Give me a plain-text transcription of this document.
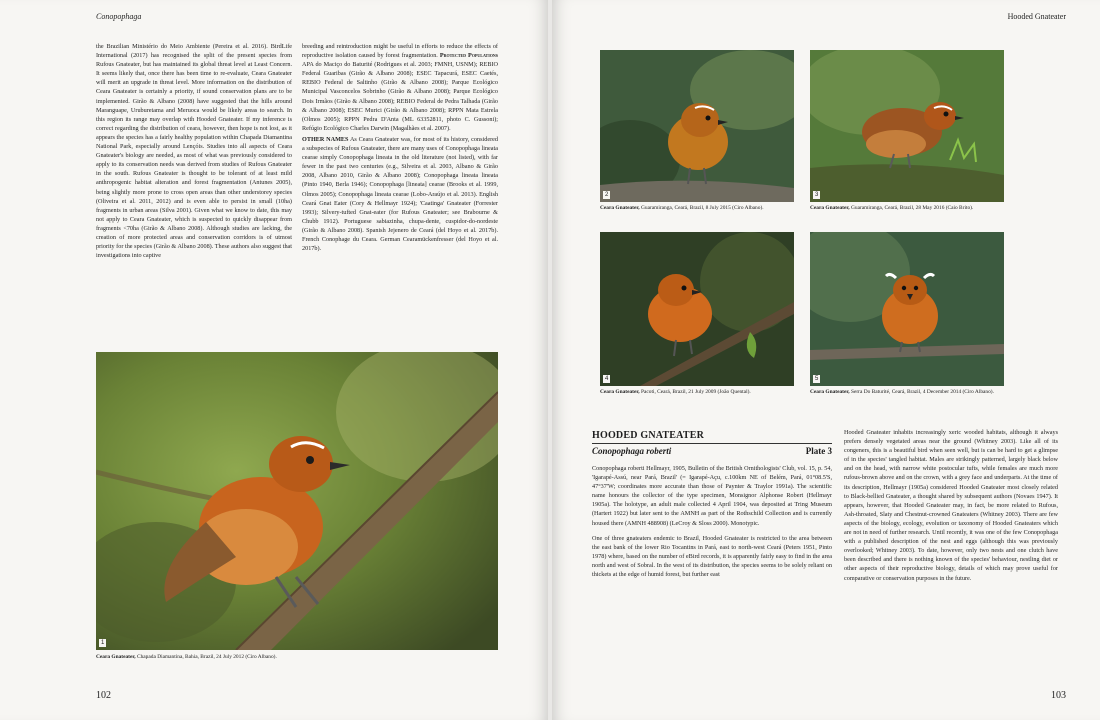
Conopophaga

the Brazilian Ministério do Meio Ambiente (Pereira et al. 2016). BirdLife International (2017) has recognised the split of the present species from Rufous Gnateater, but has maintained its global threat level at Least Concern. It seems likely that, once there has been time to re-evaluate, Ceara Gnateater will merit an upgrade in threat level. More information on the distribution of Ceara Gnateater is certainly a priority, if sound conservation plans are to be implemented. Girão & Albano (2008) have suggested that the hills around Maranguape, Uruburetama and Meruoca would be likely areas to search. In this region its range may overlap with Hooded Gnateater. If my inference is correct regarding the distribution of ceara, however, then hope is not lost, as it appears the species has a fairly healthy population within Chapada Diamantina National Park, especially around Lençóis. Studies into all aspects of Ceara Gnateater's biology are needed, as most of what was previously considered to apply to its conservation needs was derived from studies of Rufous Gnateater in the south. Rufous Gnateater is thought to be tolerant of at least mild anthropogenic habitat alteration and forest fragmentation (Antunes 2005), being slightly more prone to cross open areas than other understorey species (Oliveira et al. 2011, 2012) and is even able to persist in small (10ha) fragments in urban areas (Silva 2001). Given what we know to date, this may not apply to Ceara Gnateater, which is suspected to quickly disappear from fragments <70ha (Girão & Albano 2008). Although studies are lacking, the creation of more protected areas and conservation corridors is of utmost priority for the species (Girão & Albano 2008). These authors also suggest that investigations into captive

breeding and reintroduction might be useful in efforts to reduce the effects of reproductive isolation caused by forest fragmentation. Protected Populations APA do Maciço do Baturité (Rodrigues et al. 2003; FMNH, USNM); REBIO Federal Guaribas (Girão & Albano 2008); ESEC Tapacurá, ESEC Caetés, REBIO Federal de Saltinho (Girão & Albano 2008); Parque Ecológico Municipal Vasconcelos Sobrinho (Girão & Albano 2008); Parque Ecológico Dois Irmãos (Girão & Albano 2008); REBIO Federal de Pedra Talhada (Girão & Albano 2008); ESEC Murici (Girão & Albano 2008); RPPN Mata Estrela (Olmos 2005); RPPN Pedra D'Anta (ML 63352811, photo C. Gussoni); Refúgio Ecológico Charles Darwin (Magalhães et al. 2007).

OTHER NAMES As Ceara Gnateater was, for most of its history, considered a subspecies of Rufous Gnateater, there are many uses of Conopophaga lineata cearae simply Conopophaga lineata in the old literature (not listed), with far fewer in the past two centuries (e.g., Silveira et al. 2003, Albano & Girão 2008, Albano 2010, Girão & Albano 2008); Conopophaga lineata lineata (Pinto 1940, Berla 1946); Conopophaga [lineata] cearae (Brooks et al. 1999, Olmos 2005); Conopophaga lineata cearae (Lobo-Araújo et al. 2013). English Ceará Gnat Eater (Cory & Hellmayr 1924); 'Caatinga' Gnateater (Forrester 1993); Silvery-tufted Gnat-eater (for Rufous Gnateater; see Brabourne & Chubb 1912). Portuguese sabiazinha, chupa-dente, cuspidor-do-nordeste (Girão & Albano 2008). Spanish Jejenero de Ceará (del Hoyo et al. 2017b). French Conophage du Ceara. German Cearamückenfresser (del Hoyo et al. 2017b).

1
Ceara Gnateater, Chapada Diamantina, Bahia, Brazil, 24 July 2012 (Ciro Albano).
102
Hooded Gnateater
2
Ceara Gnateater, Guaramiranga, Ceará, Brazil, 8 July 2015 (Ciro Albano).
3
Ceara Gnateater, Guaramiranga, Ceará, Brazil, 28 May 2016 (Caio Brito).
4
Ceara Gnateater, Pacoti, Ceará, Brazil, 21 July 2009 (João Quental).
5
Ceara Gnateater, Serra Do Baturité, Ceará, Brazil, 4 December 2014 (Ciro Albano).
HOODED GNATEATER
Conopophaga roberti	Plate 3

Conopophaga roberti Hellmayr, 1905, Bulletin of the British Ornithologists' Club, vol. 15, p. 54, 'Igarapé-Assú, near Pará, Brazil' (= Igarapé-Açu, c.100km NE of Belém, Pará, 01°08.5'S, 47°37'W; coordinates more accurate than those of Paynter & Traylor 1991a). The scientific name honours the collector of the type specimen, Monsignor Alphonse Robert (Hellmayr 1905a). The holotype, an adult male collected 4 April 1904, was deposited at Tring Museum (Hartert 1922) but later sent to the AMNH as part of the Rothschild Collection and is currently housed there (AMNH 488908) (LeCroy & Sloss 2000). Monotypic.

One of three gnateaters endemic to Brazil, Hooded Gnateater is restricted to the area between the east bank of the lower Rio Tocantins in Pará, east to north-west Ceará (Peters 1951, Pinto 1978) where, based on the number of eBird records, it is apparently fairly easy to find in the area north and west of Sobral. In the west of its distribution, the species seems to be solely reliant on thickets at the edge of humid forest, but further east

Hooded Gnateater inhabits increasingly xeric wooded habitats, although it always prefers densely vegetated areas near the ground (Whitney 2003). Like all of its congeners, this is a beautiful bird when seen well, but is can be hard to get a glimpse of in the species' tangled habitat. Males are strikingly patterned, largely black below and on the head, with narrow white postocular tufts, while females are much more rufous-brown above and on the crown, with a grey face and underparts. At the time of its description, Hellmayr (1905a) considered Hooded Gnateater most closely related to Black-bellied Gnateater, a thought shared by subsequent authors (Novaes 1947). It appears, however, that Hooded Gnateater may, in fact, be more related to Rufous, Ash-throated, Slaty and Chestnut-crowned Gnateaters (Whitney 2003). There are few aspects of the biology, ecology, evolution or taxonomy of Hooded Gnateaters which are not in need of further research. Until recently, it was one of the few Conopophaga with a published description of the nest and eggs (although this was previously overlooked; Whitney 2003). To date, however, only two nests and one clutch have been described and there is nothing known of the species' behaviour, nestling diet or other aspects of their reproductive biology, details of which may prove useful for comparative or conservation purposes in the future.

103
